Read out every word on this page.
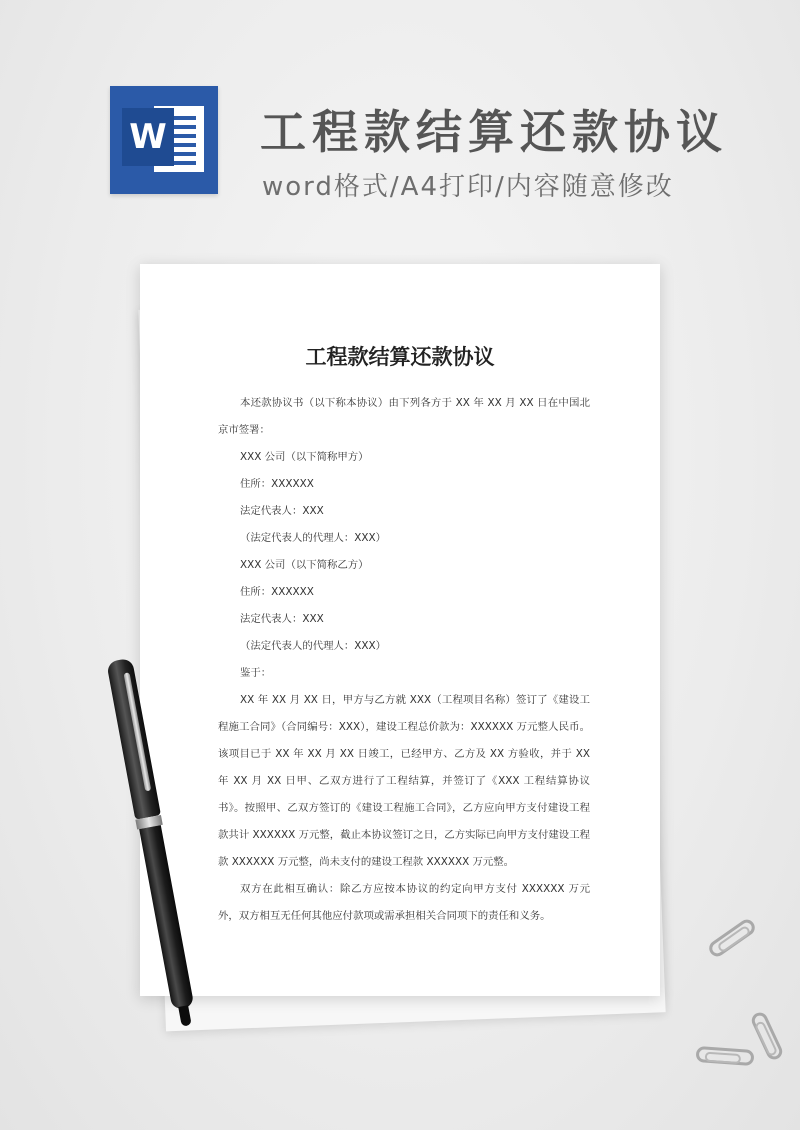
W 工程款结算还款协议
word格式/A4打印/内容随意修改
工程款结算还款协议

本还款协议书（以下称本协议）由下列各方于 XX 年 XX 月 XX 日在中国北京市签署：

XXX 公司（以下简称甲方）

住所：XXXXXX

法定代表人：XXX

（法定代表人的代理人：XXX）

XXX 公司（以下简称乙方）

住所：XXXXXX

法定代表人：XXX

（法定代表人的代理人：XXX）

鉴于：

XX 年 XX 月 XX 日，甲方与乙方就 XXX（工程项目名称）签订了《建设工程施工合同》（合同编号：XXX），建设工程总价款为：XXXXXX 万元整人民币。该项目已于 XX 年 XX 月 XX 日竣工，已经甲方、乙方及 XX 方验收，并于 XX 年 XX 月 XX 日甲、乙双方进行了工程结算，并签订了《XXX 工程结算协议书》。按照甲、乙双方签订的《建设工程施工合同》，乙方应向甲方支付建设工程款共计 XXXXXX 万元整，截止本协议签订之日，乙方实际已向甲方支付建设工程款 XXXXXX 万元整，尚未支付的建设工程款 XXXXXX 万元整。

双方在此相互确认：除乙方应按本协议的约定向甲方支付 XXXXXX 万元外，双方相互无任何其他应付款项或需承担相关合同项下的责任和义务。
